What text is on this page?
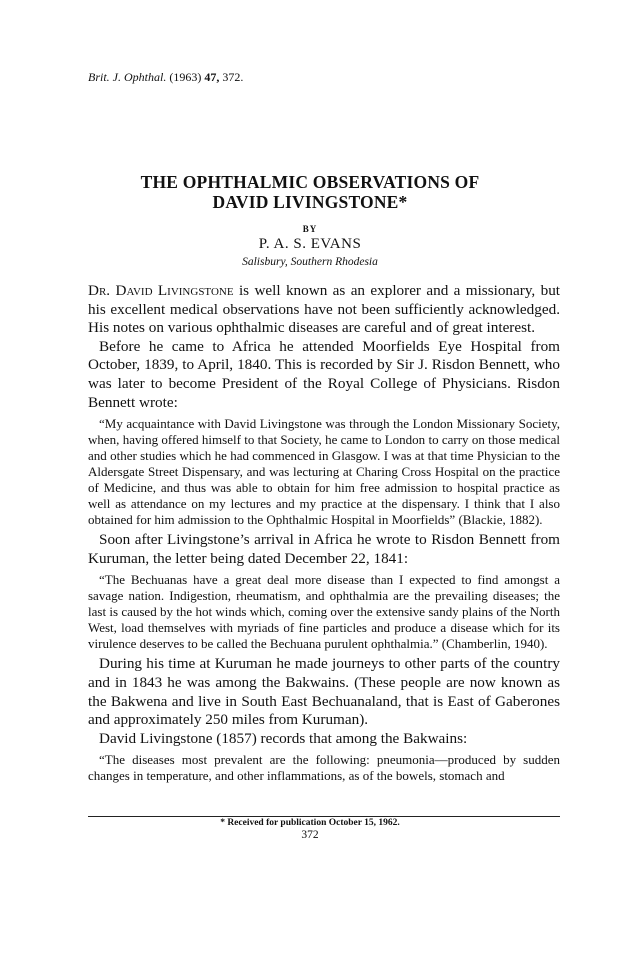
Brit. J. Ophthal. (1963) 47, 372.
THE OPHTHALMIC OBSERVATIONS OF
DAVID LIVINGSTONE*
BY
P. A. S. EVANS
Salisbury, Southern Rhodesia

Dr. David Livingstone is well known as an explorer and a missionary, but his excellent medical observations have not been sufficiently acknowledged. His notes on various ophthalmic diseases are careful and of great interest.

Before he came to Africa he attended Moorfields Eye Hospital from October, 1839, to April, 1840. This is recorded by Sir J. Risdon Bennett, who was later to become President of the Royal College of Physicians. Risdon Bennett wrote:

“My acquaintance with David Livingstone was through the London Missionary Society, when, having offered himself to that Society, he came to London to carry on those medical and other studies which he had commenced in Glasgow. I was at that time Physician to the Aldersgate Street Dispensary, and was lecturing at Charing Cross Hospital on the practice of Medicine, and thus was able to obtain for him free admission to hospital practice as well as attendance on my lectures and my practice at the dispensary. I think that I also obtained for him admission to the Ophthalmic Hospital in Moorfields” (Blackie, 1882).

Soon after Livingstone’s arrival in Africa he wrote to Risdon Bennett from Kuruman, the letter being dated December 22, 1841:

“The Bechuanas have a great deal more disease than I expected to find amongst a savage nation. Indigestion, rheumatism, and ophthalmia are the prevailing diseases; the last is caused by the hot winds which, coming over the extensive sandy plains of the North West, load themselves with myriads of fine particles and produce a disease which for its virulence deserves to be called the Bechuana purulent ophthalmia.” (Chamberlin, 1940).

During his time at Kuruman he made journeys to other parts of the country and in 1843 he was among the Bakwains. (These people are now known as the Bakwena and live in South East Bechuanaland, that is East of Gaberones and approximately 250 miles from Kuruman).

David Livingstone (1857) records that among the Bakwains:

“The diseases most prevalent are the following: pneumonia—produced by sudden changes in temperature, and other inflammations, as of the bowels, stomach and

* Received for publication October 15, 1962.
372
